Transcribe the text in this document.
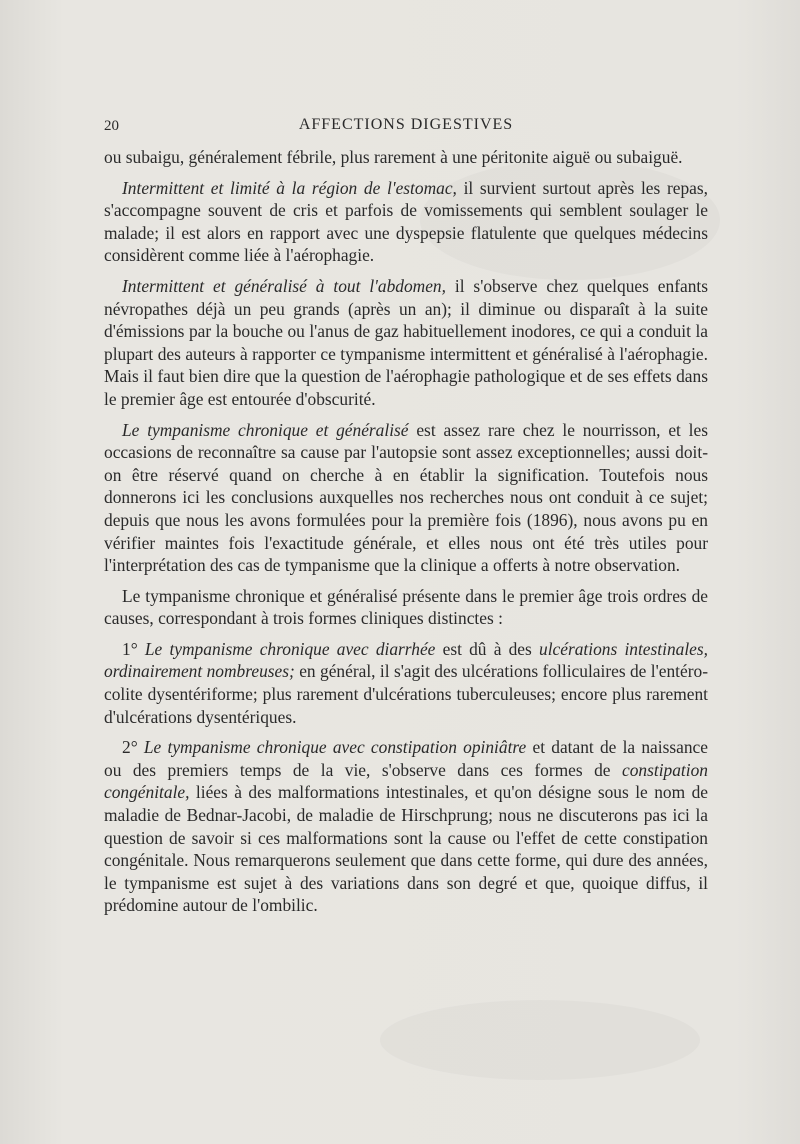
20	AFFECTIONS DIGESTIVES

ou subaigu, généralement fébrile, plus rarement à une péritonite aiguë ou subaiguë.

Intermittent et limité à la région de l'estomac, il survient surtout après les repas, s'accompagne souvent de cris et parfois de vomissements qui semblent soulager le malade; il est alors en rapport avec une dyspepsie flatulente que quelques médecins considèrent comme liée à l'aérophagie.

Intermittent et généralisé à tout l'abdomen, il s'observe chez quelques enfants névropathes déjà un peu grands (après un an); il diminue ou disparaît à la suite d'émissions par la bouche ou l'anus de gaz habituellement inodores, ce qui a conduit la plupart des auteurs à rapporter ce tympanisme intermittent et généralisé à l'aérophagie. Mais il faut bien dire que la question de l'aérophagie pathologique et de ses effets dans le premier âge est entourée d'obscurité.

Le tympanisme chronique et généralisé est assez rare chez le nourrisson, et les occasions de reconnaître sa cause par l'autopsie sont assez exceptionnelles; aussi doit-on être réservé quand on cherche à en établir la signification. Toutefois nous donnerons ici les conclusions auxquelles nos recherches nous ont conduit à ce sujet; depuis que nous les avons formulées pour la première fois (1896), nous avons pu en vérifier maintes fois l'exactitude générale, et elles nous ont été très utiles pour l'interprétation des cas de tympanisme que la clinique a offerts à notre observation.

Le tympanisme chronique et généralisé présente dans le premier âge trois ordres de causes, correspondant à trois formes cliniques distinctes :

1° Le tympanisme chronique avec diarrhée est dû à des ulcérations intestinales, ordinairement nombreuses; en général, il s'agit des ulcérations folliculaires de l'entéro-colite dysentériforme; plus rarement d'ulcérations tuberculeuses; encore plus rarement d'ulcérations dysentériques.

2° Le tympanisme chronique avec constipation opiniâtre et datant de la naissance ou des premiers temps de la vie, s'observe dans ces formes de constipation congénitale, liées à des malformations intestinales, et qu'on désigne sous le nom de maladie de Bednar-Jacobi, de maladie de Hirschprung; nous ne discuterons pas ici la question de savoir si ces malformations sont la cause ou l'effet de cette constipation congénitale. Nous remarquerons seulement que dans cette forme, qui dure des années, le tympanisme est sujet à des variations dans son degré et que, quoique diffus, il prédomine autour de l'ombilic.
